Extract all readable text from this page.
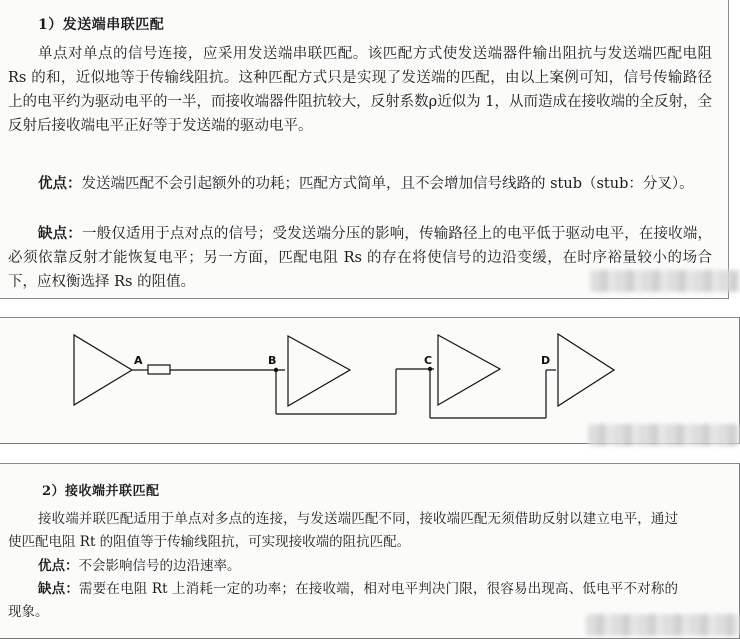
1）发送端串联匹配
单点对单点的信号连接，应采用发送端串联匹配。该匹配方式使发送端器件输出阻抗与发送端匹配电阻 Rs 的和，近似地等于传输线阻抗。这种匹配方式只是实现了发送端的匹配，由以上案例可知，信号传输路径上的电平约为驱动电平的一半，而接收端器件阻抗较大，反射系数ρ近似为 1，从而造成在接收端的全反射，全反射后接收端电平正好等于发送端的驱动电平。
优点：发送端匹配不会引起额外的功耗；匹配方式简单，且不会增加信号线路的 stub（stub：分叉）。
缺点：一般仅适用于点对点的信号；受发送端分压的影响，传输路径上的电平低于驱动电平，在接收端，必须依靠反射才能恢复电平；另一方面，匹配电阻 Rs 的存在将使信号的边沿变缓，在时序裕量较小的场合下，应权衡选择 Rs 的阻值。
A	B	C	D
2）接收端并联匹配
接收端并联匹配适用于单点对多点的连接，与发送端匹配不同，接收端匹配无须借助反射以建立电平，通过使匹配电阻 Rt 的阻值等于传输线阻抗，可实现接收端的阻抗匹配。
优点：不会影响信号的边沿速率。
缺点：需要在电阻 Rt 上消耗一定的功率；在接收端，相对电平判决门限，很容易出现高、低电平不对称的现象。
